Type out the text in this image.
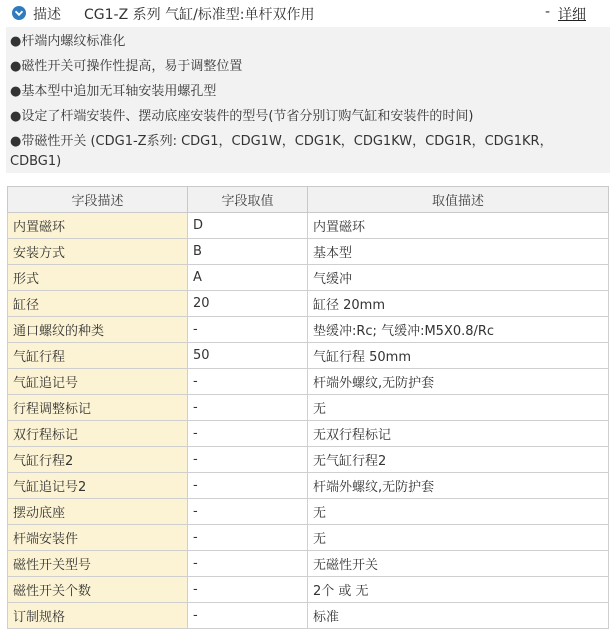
描述 CG1-Z 系列 气缸/标准型:单杆双作用	- 详细
●杆端内螺纹标准化
●磁性开关可操作性提高，易于调整位置
●基本型中追加无耳轴安装用螺孔型
●设定了杆端安装件、摆动底座安装件的型号(节省分别订购气缸和安装件的时间)
●带磁性开关 (CDG1-Z系列: CDG1，CDG1W，CDG1K，CDG1KW，CDG1R，CDG1KR，
CDBG1)
字段描述	字段取值	取值描述
内置磁环	D	内置磁环
安装方式	B	基本型
形式	A	气缓冲
缸径	20	缸径 20mm
通口螺纹的种类	-	垫缓冲:Rc; 气缓冲:M5X0.8/Rc
气缸行程	50	气缸行程 50mm
气缸追记号	-	杆端外螺纹,无防护套
行程调整标记	-	无
双行程标记	-	无双行程标记
气缸行程2	-	无气缸行程2
气缸追记号2	-	杆端外螺纹,无防护套
摆动底座	-	无
杆端安装件	-	无
磁性开关型号	-	无磁性开关
磁性开关个数	-	2个 或 无
订制规格	-	标准
